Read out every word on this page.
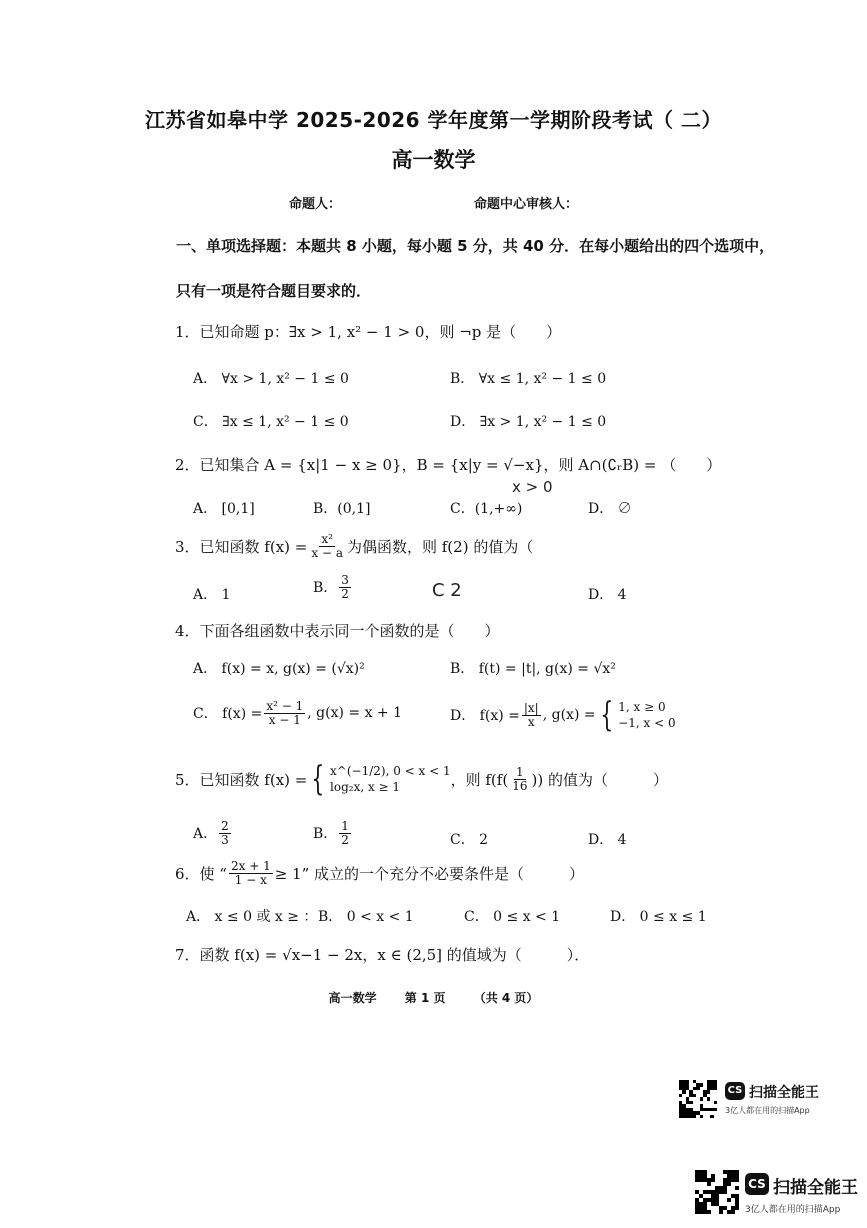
江苏省如皋中学 2025-2026 学年度第一学期阶段考试（ 二）
高一数学
命题人：	命题中心审核人：
一、单项选择题：本题共 8 小题，每小题 5 分，共 40 分．在每小题给出的四个选项中，
只有一项是符合题目要求的．
1．已知命题 p：∃x > 1, x² − 1 > 0，则 ¬p 是（　　）
A． ∀x > 1, x² − 1 ≤ 0	B． ∀x ≤ 1, x² − 1 ≤ 0
C． ∃x ≤ 1, x² − 1 ≤ 0	D． ∃x > 1, x² − 1 ≤ 0
2．已知集合 A = {x|1 − x ≥ 0}，B = {x|y = √−x}，则 A∩(∁ᵣB) = （　　）
A． [0,1]	B．(0,1]	C．(1,+∞)
x > 0
D． ∅
3．已知函数 $f(x) = \frac{\text{x²}}{x - a}$ 为偶函数，则 f(2) 的值为（
A． 1	B． $\frac{3}{2}$	C 2	D． 4
4．下面各组函数中表示同一个函数的是（　　）
A． f(x) = x, g(x) = (√x)²	B． f(t) = |t|, g(x) = √x²
C． $f(x) = \frac{\text{x² − 1}}{x - 1}$ , g(x) = x + 1	D． $f(x) = \frac{|x|}{x}$ , g(x) = { 1, x ≥ 0
−1, x < 0
5．已知函数 f(x) = { x^(−1/2), 0 < x < 1
log₂x, x ≥ 1	，则 $f(f( \frac{1}{16}$ )) 的值为（　　　）
A． $\frac{2}{3}$	B． $\frac{1}{2}$	C． 2	D． 4
6．使 “ $\frac{2x + 1}{1 - x} \ge 1$” 成立的一个充分不必要条件是（　　　）
A． x ≤ 0 或 x ≥ ： B． 0 < x < 1	C． 0 ≤ x < 1	D． 0 ≤ x ≤ 1
7．函数 f(x) = √x−1 − 2x，x ∈ (2,5] 的值域为（　　　）．
高一数学 第 1 页 （共 4 页）
CS 扫描全能王
3亿人都在用的扫描App
CS 扫描全能王
3亿人都在用的扫描App
